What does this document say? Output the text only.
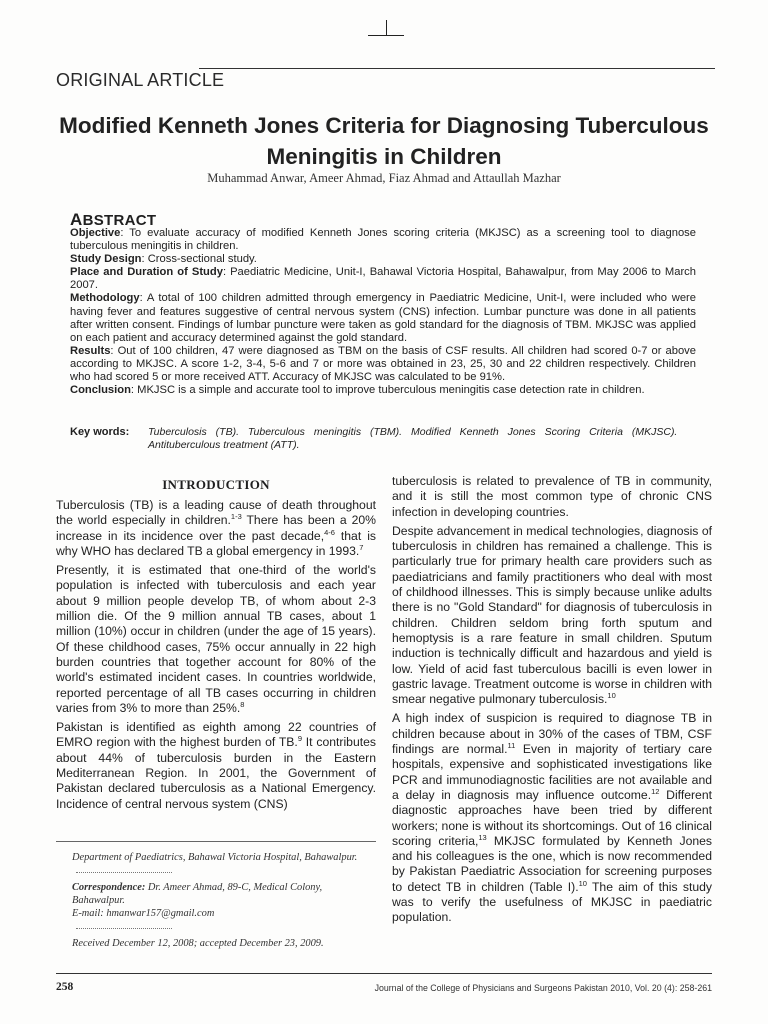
ORIGINAL ARTICLE
Modified Kenneth Jones Criteria for Diagnosing Tuberculous
Meningitis in Children
Muhammad Anwar, Ameer Ahmad, Fiaz Ahmad and Attaullah Mazhar
ABSTRACT

Objective: To evaluate accuracy of modified Kenneth Jones scoring criteria (MKJSC) as a screening tool to diagnose tuberculous meningitis in children.

Study Design: Cross-sectional study.

Place and Duration of Study: Paediatric Medicine, Unit-I, Bahawal Victoria Hospital, Bahawalpur, from May 2006 to March 2007.

Methodology: A total of 100 children admitted through emergency in Paediatric Medicine, Unit-I, were included who were having fever and features suggestive of central nervous system (CNS) infection. Lumbar puncture was done in all patients after written consent. Findings of lumbar puncture were taken as gold standard for the diagnosis of TBM. MKJSC was applied on each patient and accuracy determined against the gold standard.

Results: Out of 100 children, 47 were diagnosed as TBM on the basis of CSF results. All children had scored 0-7 or above according to MKJSC. A score 1-2, 3-4, 5-6 and 7 or more was obtained in 23, 25, 30 and 22 children respectively. Children who had scored 5 or more received ATT. Accuracy of MKJSC was calculated to be 91%.

Conclusion: MKJSC is a simple and accurate tool to improve tuberculous meningitis case detection rate in children.

Key words: Tuberculosis (TB). Tuberculous meningitis (TBM). Modified Kenneth Jones Scoring Criteria (MKJSC).
Antituberculous treatment (ATT).
INTRODUCTION

Tuberculosis (TB) is a leading cause of death throughout the world especially in children.$^{1-3}$ There has been a 20% increase in its incidence over the past decade,$^{4-6}$ that is why WHO has declared TB a global emergency in 1993.$^7$

Presently, it is estimated that one-third of the world's population is infected with tuberculosis and each year about 9 million people develop TB, of whom about 2-3 million die. Of the 9 million annual TB cases, about 1 million (10%) occur in children (under the age of 15 years). Of these childhood cases, 75% occur annually in 22 high burden countries that together account for 80% of the world's estimated incident cases. In countries worldwide, reported percentage of all TB cases occurring in children varies from 3% to more than 25%.$^8$

Pakistan is identified as eighth among 22 countries of EMRO region with the highest burden of TB.$^9$ It contributes about 44% of tuberculosis burden in the Eastern Mediterranean Region. In 2001, the Government of Pakistan declared tuberculosis as a National Emergency. Incidence of central nervous system (CNS)

tuberculosis is related to prevalence of TB in community, and it is still the most common type of chronic CNS infection in developing countries.

Despite advancement in medical technologies, diagnosis of tuberculosis in children has remained a challenge. This is particularly true for primary health care providers such as paediatricians and family practitioners who deal with most of childhood illnesses. This is simply because unlike adults there is no "Gold Standard" for diagnosis of tuberculosis in children. Children seldom bring forth sputum and hemoptysis is a rare feature in small children. Sputum induction is technically difficult and hazardous and yield is low. Yield of acid fast tuberculous bacilli is even lower in gastric lavage. Treatment outcome is worse in children with smear negative pulmonary tuberculosis.$^{10}$

A high index of suspicion is required to diagnose TB in children because about in 30% of the cases of TBM, CSF findings are normal.$^{11}$ Even in majority of tertiary care hospitals, expensive and sophisticated investigations like PCR and immunodiagnostic facilities are not available and a delay in diagnosis may influence outcome.$^{12}$ Different diagnostic approaches have been tried by different workers; none is without its shortcomings. Out of 16 clinical scoring criteria,$^{13}$ MKJSC formulated by Kenneth Jones and his colleagues is the one, which is now recommended by Pakistan Paediatric Association for screening purposes to detect TB in children (Table I).$^{10}$ The aim of this study was to verify the usefulness of MKJSC in paediatric population.

Department of Paediatrics, Bahawal Victoria Hospital, Bahawalpur.

Correspondence: Dr. Ameer Ahmad, 89-C, Medical Colony, Bahawalpur.
E-mail: hmanwar157@gmail.com

Received December 12, 2008; accepted December 23, 2009.

258	Journal of the College of Physicians and Surgeons Pakistan 2010, Vol. 20 (4): 258-261
